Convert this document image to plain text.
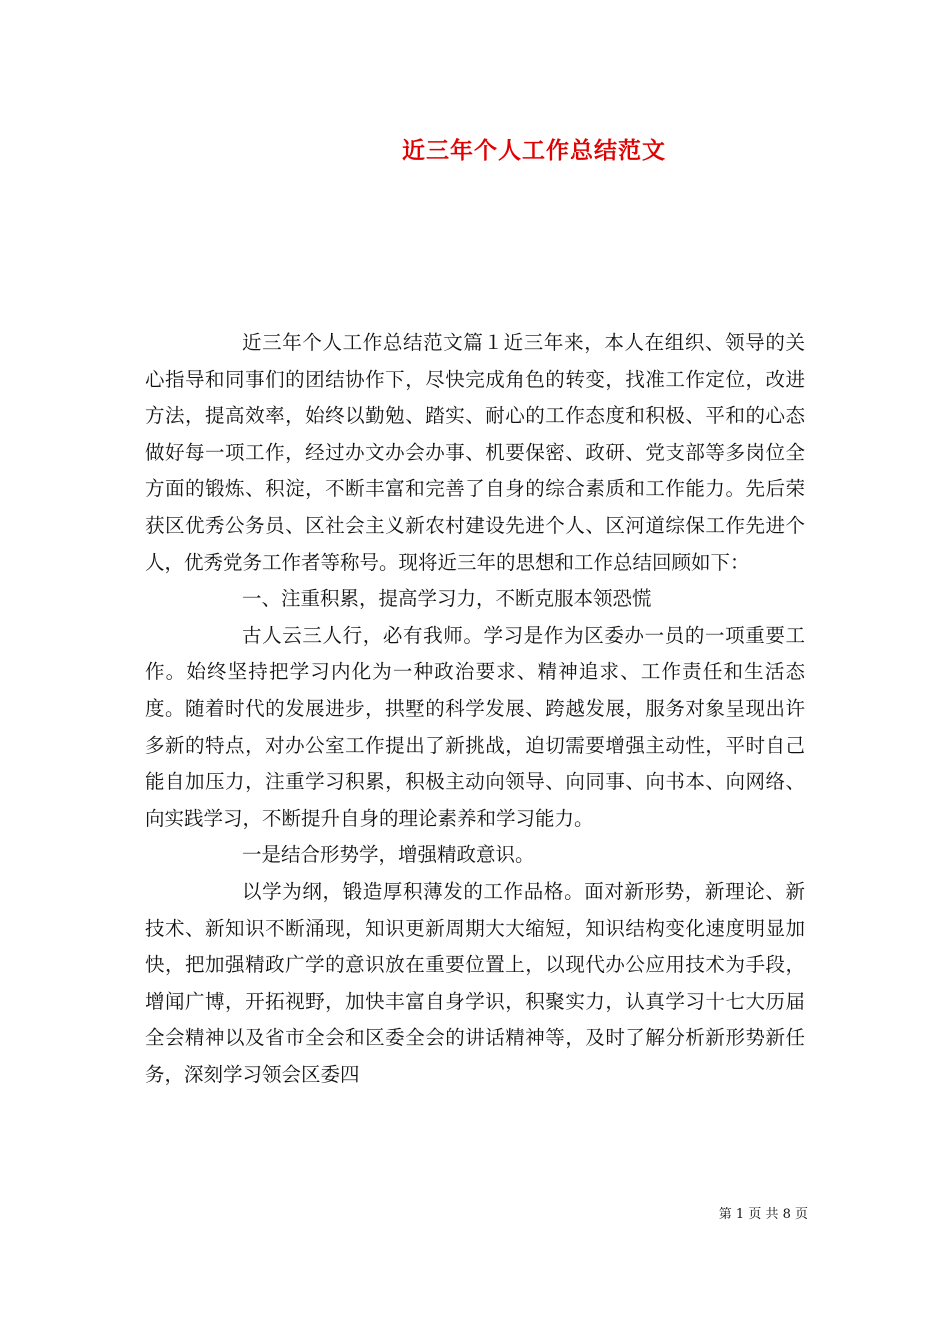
近三年个人工作总结范文

近三年个人工作总结范文篇１近三年来，本人在组织、领导的关心指导和同事们的团结协作下，尽快完成角色的转变，找准工作定位，改进方法，提高效率，始终以勤勉、踏实、耐心的工作态度和积极、平和的心态做好每一项工作，经过办文办会办事、机要保密、政研、党支部等多岗位全方面的锻炼、积淀，不断丰富和完善了自身的综合素质和工作能力。先后荣获区优秀公务员、区社会主义新农村建设先进个人、区河道综保工作先进个人，优秀党务工作者等称号。现将近三年的思想和工作总结回顾如下：

一、注重积累，提高学习力，不断克服本领恐慌

古人云三人行，必有我师。学习是作为区委办一员的一项重要工作。始终坚持把学习内化为一种政治要求、精神追求、工作责任和生活态度。随着时代的发展进步，拱墅的科学发展、跨越发展，服务对象呈现出许多新的特点，对办公室工作提出了新挑战，迫切需要增强主动性，平时自己能自加压力，注重学习积累，积极主动向领导、向同事、向书本、向网络、向实践学习，不断提升自身的理论素养和学习能力。

一是结合形势学，增强精政意识。

以学为纲，锻造厚积薄发的工作品格。面对新形势，新理论、新技术、新知识不断涌现，知识更新周期大大缩短，知识结构变化速度明显加快，把加强精政广学的意识放在重要位置上，以现代办公应用技术为手段，增闻广博，开拓视野，加快丰富自身学识，积聚实力，认真学习十七大历届全会精神以及省市全会和区委全会的讲话精神等，及时了解分析新形势新任务，深刻学习领会区委四

第 1 页 共 8 页
